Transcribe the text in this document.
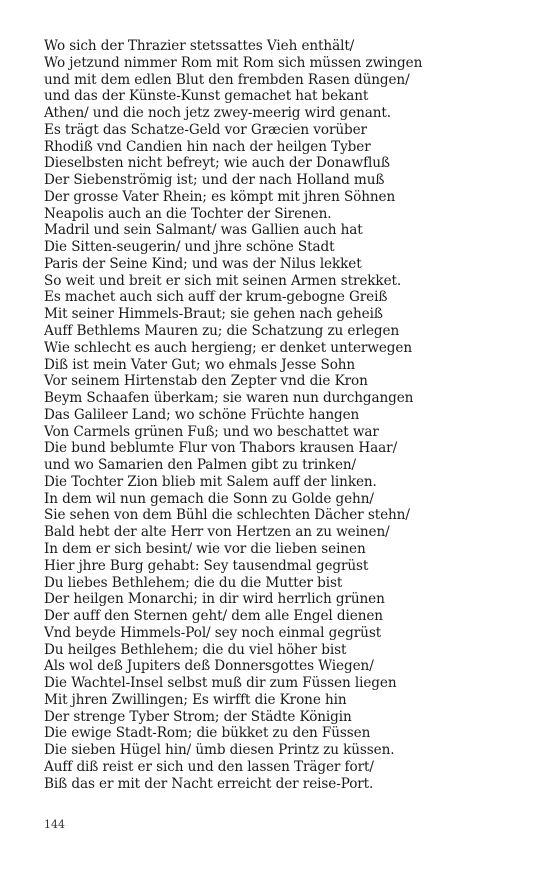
Wo sich der Thrazier stetssattes Vieh enthält/
Wo jetzund nimmer Rom mit Rom sich müssen zwingen
und mit dem edlen Blut den frembden Rasen düngen/
und das der Künste-Kunst gemachet hat bekant
Athen/ und die noch jetz zwey-meerig wird genant.
Es trägt das Schatze-Geld vor Græcien vorüber
Rhodiß vnd Candien hin nach der heilgen Tyber
Dieselbsten nicht befreyt; wie auch der Donawfluß
Der Siebenströmig ist; und der nach Holland muß
Der grosse Vater Rhein; es kömpt mit jhren Söhnen
Neapolis auch an die Tochter der Sirenen.
Madril und sein Salmant/ was Gallien auch hat
Die Sitten-seugerin/ und jhre schöne Stadt
Paris der Seine Kind; und was der Nilus lekket
So weit und breit er sich mit seinen Armen strekket.
Es machet auch sich auff der krum-gebogne Greiß
Mit seiner Himmels-Braut; sie gehen nach geheiß
Auff Bethlems Mauren zu; die Schatzung zu erlegen
Wie schlecht es auch hergieng; er denket unterwegen
Diß ist mein Vater Gut; wo ehmals Jesse Sohn
Vor seinem Hirtenstab den Zepter vnd die Kron
Beym Schaafen überkam; sie waren nun durchgangen
Das Galileer Land; wo schöne Früchte hangen
Von Carmels grünen Fuß; und wo beschattet war
Die bund beblumte Flur von Thabors krausen Haar/
und wo Samarien den Palmen gibt zu trinken/
Die Tochter Zion blieb mit Salem auff der linken.
In dem wil nun gemach die Sonn zu Golde gehn/
Sie sehen von dem Bühl die schlechten Dächer stehn/
Bald hebt der alte Herr von Hertzen an zu weinen/
In dem er sich besint/ wie vor die lieben seinen
Hier jhre Burg gehabt: Sey tausendmal gegrüst
Du liebes Bethlehem; die du die Mutter bist
Der heilgen Monarchi; in dir wird herrlich grünen
Der auff den Sternen geht/ dem alle Engel dienen
Vnd beyde Himmels-Pol/ sey noch einmal gegrüst
Du heilges Bethlehem; die du viel höher bist
Als wol deß Jupiters deß Donnersgottes Wiegen/
Die Wachtel-Insel selbst muß dir zum Füssen liegen
Mit jhren Zwillingen; Es wirfft die Krone hin
Der strenge Tyber Strom; der Städte Königin
Die ewige Stadt-Rom; die bükket zu den Füssen
Die sieben Hügel hin/ ümb diesen Printz zu küssen.
Auff diß reist er sich und den lassen Träger fort/
Biß das er mit der Nacht erreicht der reise-Port.
144
